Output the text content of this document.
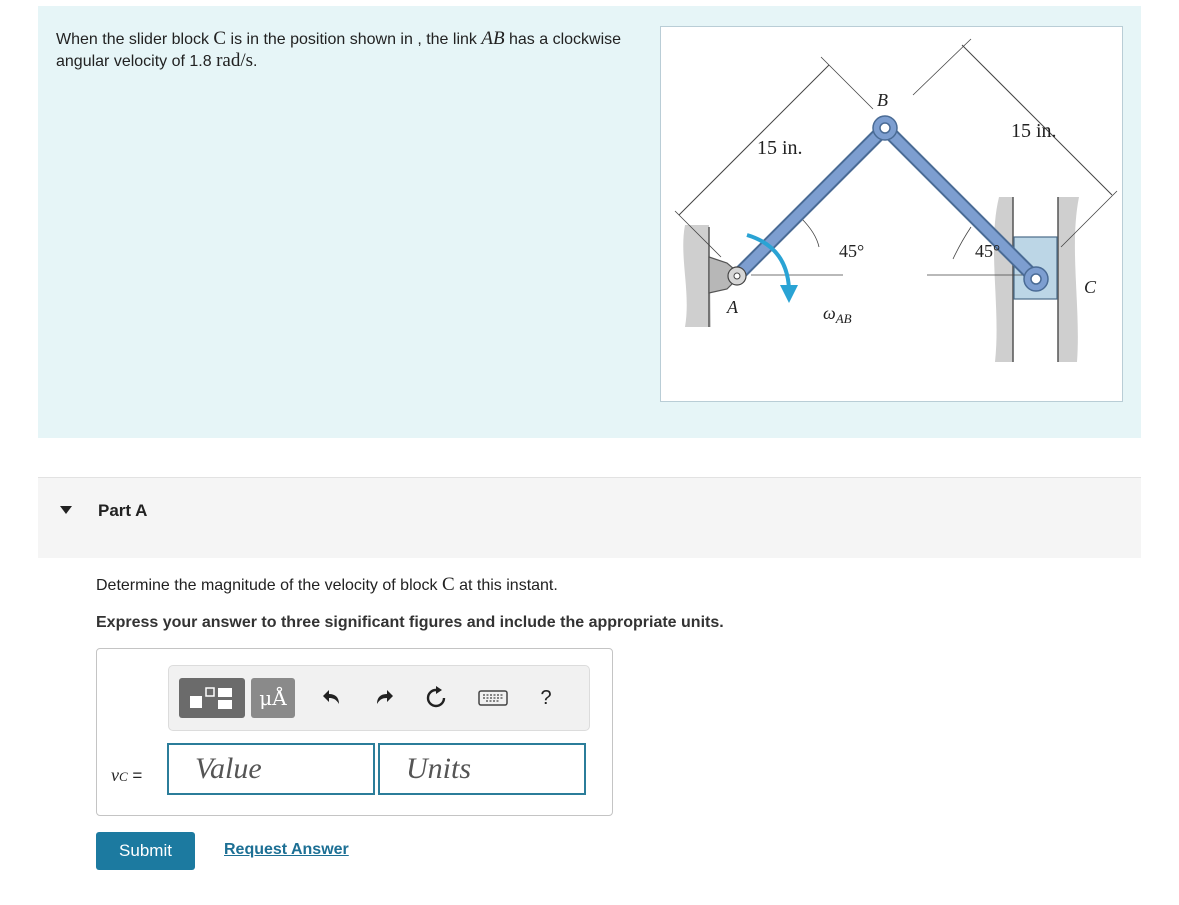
When the slider block C is in the position shown in , the link AB has a clockwise angular velocity of 1.8 rad/s.
A
B
C
15 in.
15 in.
45°	45°
$\omega_{AB}$
Part A
Determine the magnitude of the velocity of block C at this instant.
Express your answer to three significant figures and include the appropriate units.
μÅ	?
vC =
Value
Units
Submit	Request Answer
